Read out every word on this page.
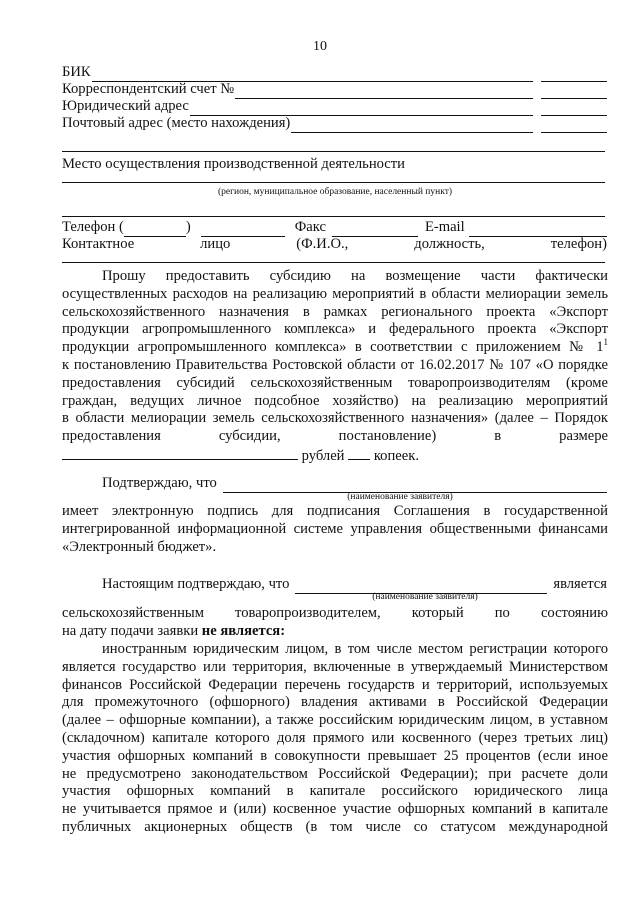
10
БИК
Корреспондентский счет №
Юридический адрес
Почтовый адрес (место нахождения)
Место осуществления производственной деятельности
(регион, муниципальное образование, населенный пункт)
Телефон (	)	Факс	E-mail
Контактное	лицо	(Ф.И.О.,	должность,	телефон)
Прошу предоставить субсидию на возмещение части фактически
осуществленных расходов на реализацию мероприятий в области мелиорации земель
сельскохозяйственного назначения в рамках регионального проекта «Экспорт
продукции агропромышленного комплекса» и федерального проекта «Экспорт
продукции агропромышленного комплекса» в соответствии с приложением № $1^1$
к постановлению Правительства Ростовской области от 16.02.2017 № 107 «О порядке
предоставления субсидий сельскохозяйственным товаропроизводителям (кроме
граждан, ведущих личное подсобное хозяйство) на реализацию мероприятий
в области мелиорации земель сельскохозяйственного назначения» (далее – Порядок
предоставления субсидии, постановление) в размере
рублей копеек.
Подтверждаю, что
(наименование заявителя)
имеет электронную подпись для подписания Соглашения в государственной
интегрированной информационной системе управления общественными финансами
«Электронный бюджет».
Настоящим подтверждаю, что	является
(наименование заявителя)
сельскохозяйственным товаропроизводителем, который по состоянию
на дату подачи заявки не является:
иностранным юридическим лицом, в том числе местом регистрации которого
является государство или территория, включенные в утверждаемый Министерством
финансов Российской Федерации перечень государств и территорий, используемых
для промежуточного (офшорного) владения активами в Российской Федерации
(далее – офшорные компании), а также российским юридическим лицом, в уставном
(складочном) капитале которого доля прямого или косвенного (через третьих лиц)
участия офшорных компаний в совокупности превышает 25 процентов (если иное
не предусмотрено законодательством Российской Федерации); при расчете доли
участия офшорных компаний в капитале российского юридического лица
не учитывается прямое и (или) косвенное участие офшорных компаний в капитале
публичных акционерных обществ (в том числе со статусом международной
